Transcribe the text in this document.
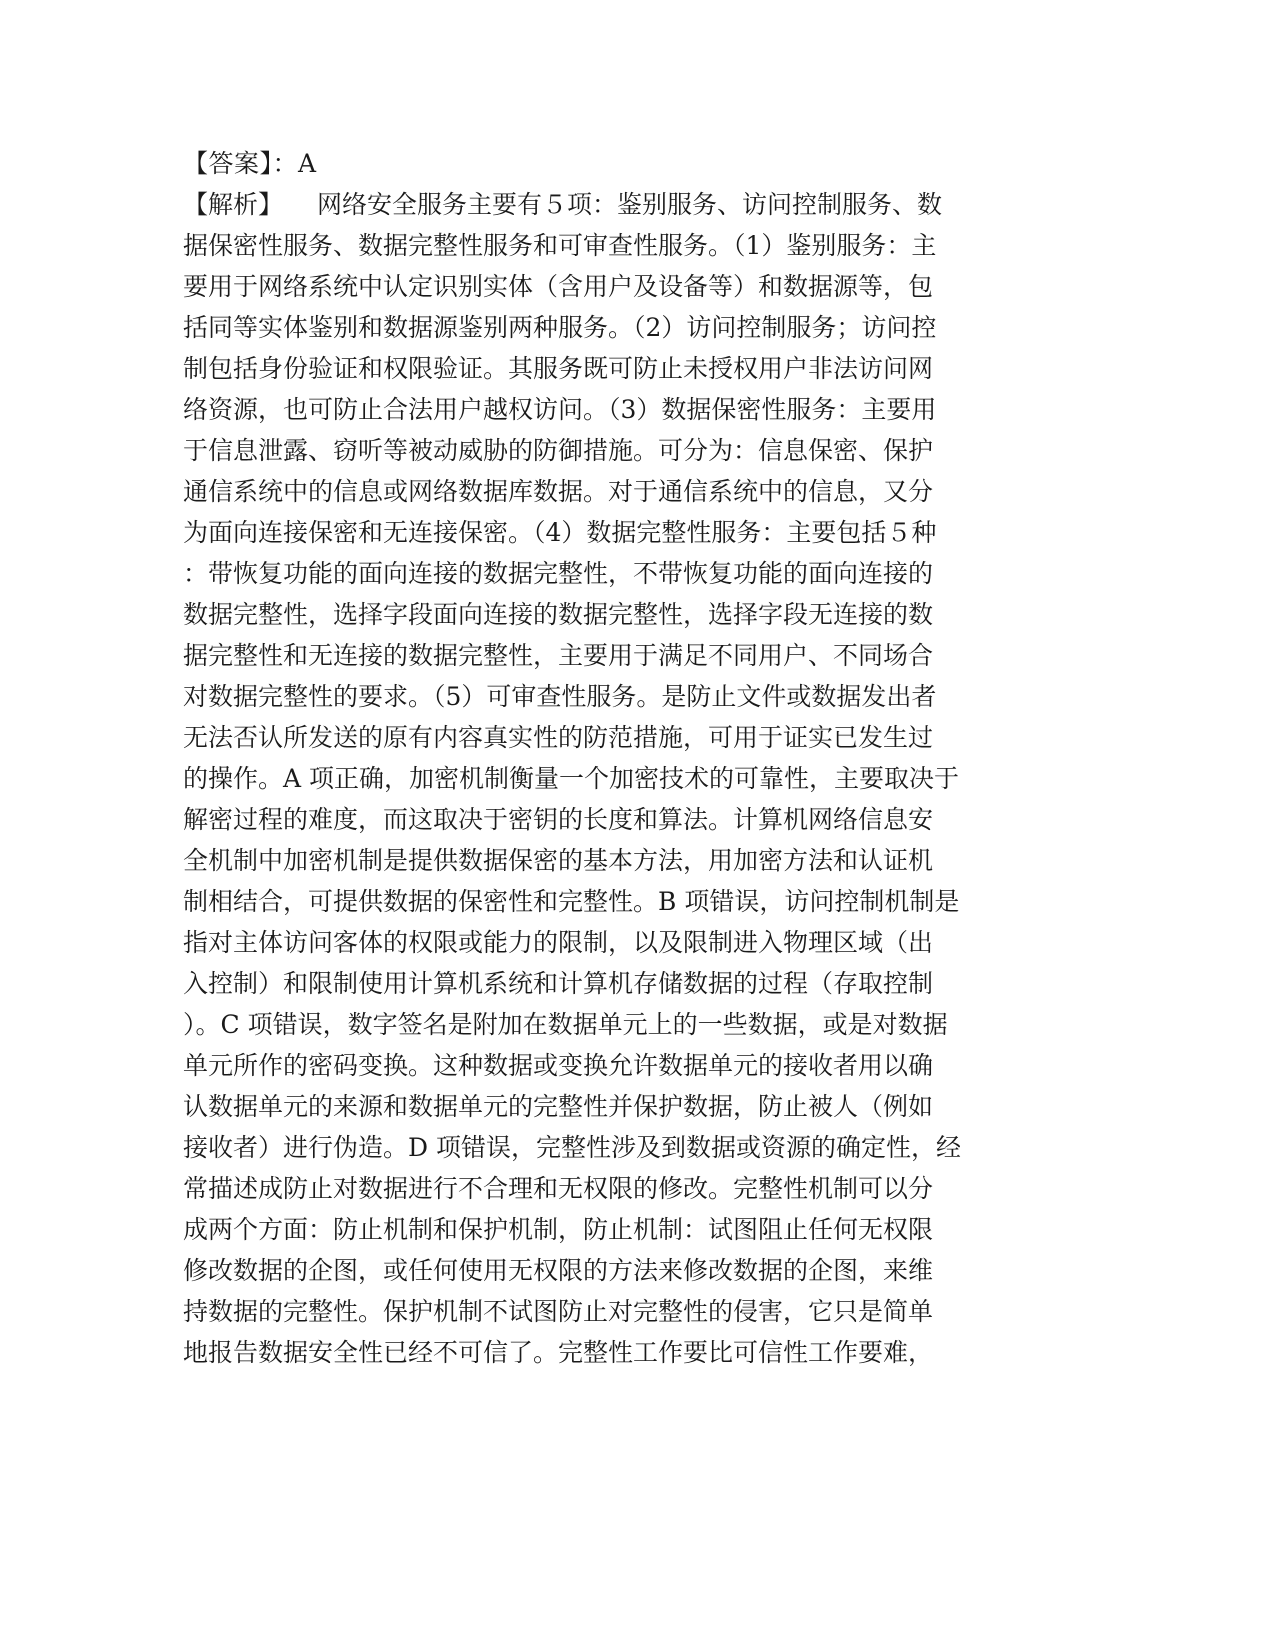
【答案】：A
【解析】 网络安全服务主要有５项：鉴别服务、访问控制服务、数
据保密性服务、数据完整性服务和可审查性服务。（1）鉴别服务：主
要用于网络系统中认定识别实体（含用户及设备等）和数据源等，包
括同等实体鉴别和数据源鉴别两种服务。（2）访问控制服务；访问控
制包括身份验证和权限验证。其服务既可防止未授权用户非法访问网
络资源，也可防止合法用户越权访问。（3）数据保密性服务：主要用
于信息泄露、窃听等被动威胁的防御措施。可分为：信息保密、保护
通信系统中的信息或网络数据库数据。对于通信系统中的信息，又分
为面向连接保密和无连接保密。（4）数据完整性服务：主要包括５种
：带恢复功能的面向连接的数据完整性，不带恢复功能的面向连接的
数据完整性，选择字段面向连接的数据完整性，选择字段无连接的数
据完整性和无连接的数据完整性，主要用于满足不同用户、不同场合
对数据完整性的要求。（5）可审查性服务。是防止文件或数据发出者
无法否认所发送的原有内容真实性的防范措施，可用于证实已发生过
的操作。A 项正确，加密机制衡量一个加密技术的可靠性，主要取决于
解密过程的难度，而这取决于密钥的长度和算法。计算机网络信息安
全机制中加密机制是提供数据保密的基本方法，用加密方法和认证机
制相结合，可提供数据的保密性和完整性。B 项错误，访问控制机制是
指对主体访问客体的权限或能力的限制，以及限制进入物理区域（出
入控制）和限制使用计算机系统和计算机存储数据的过程（存取控制
）。C 项错误，数字签名是附加在数据单元上的一些数据，或是对数据
单元所作的密码变换。这种数据或变换允许数据单元的接收者用以确
认数据单元的来源和数据单元的完整性并保护数据，防止被人（例如
接收者）进行伪造。D 项错误，完整性涉及到数据或资源的确定性，经
常描述成防止对数据进行不合理和无权限的修改。完整性机制可以分
成两个方面：防止机制和保护机制，防止机制：试图阻止任何无权限
修改数据的企图，或任何使用无权限的方法来修改数据的企图，来维
持数据的完整性。保护机制不试图防止对完整性的侵害，它只是简单
地报告数据安全性已经不可信了。完整性工作要比可信性工作要难，
